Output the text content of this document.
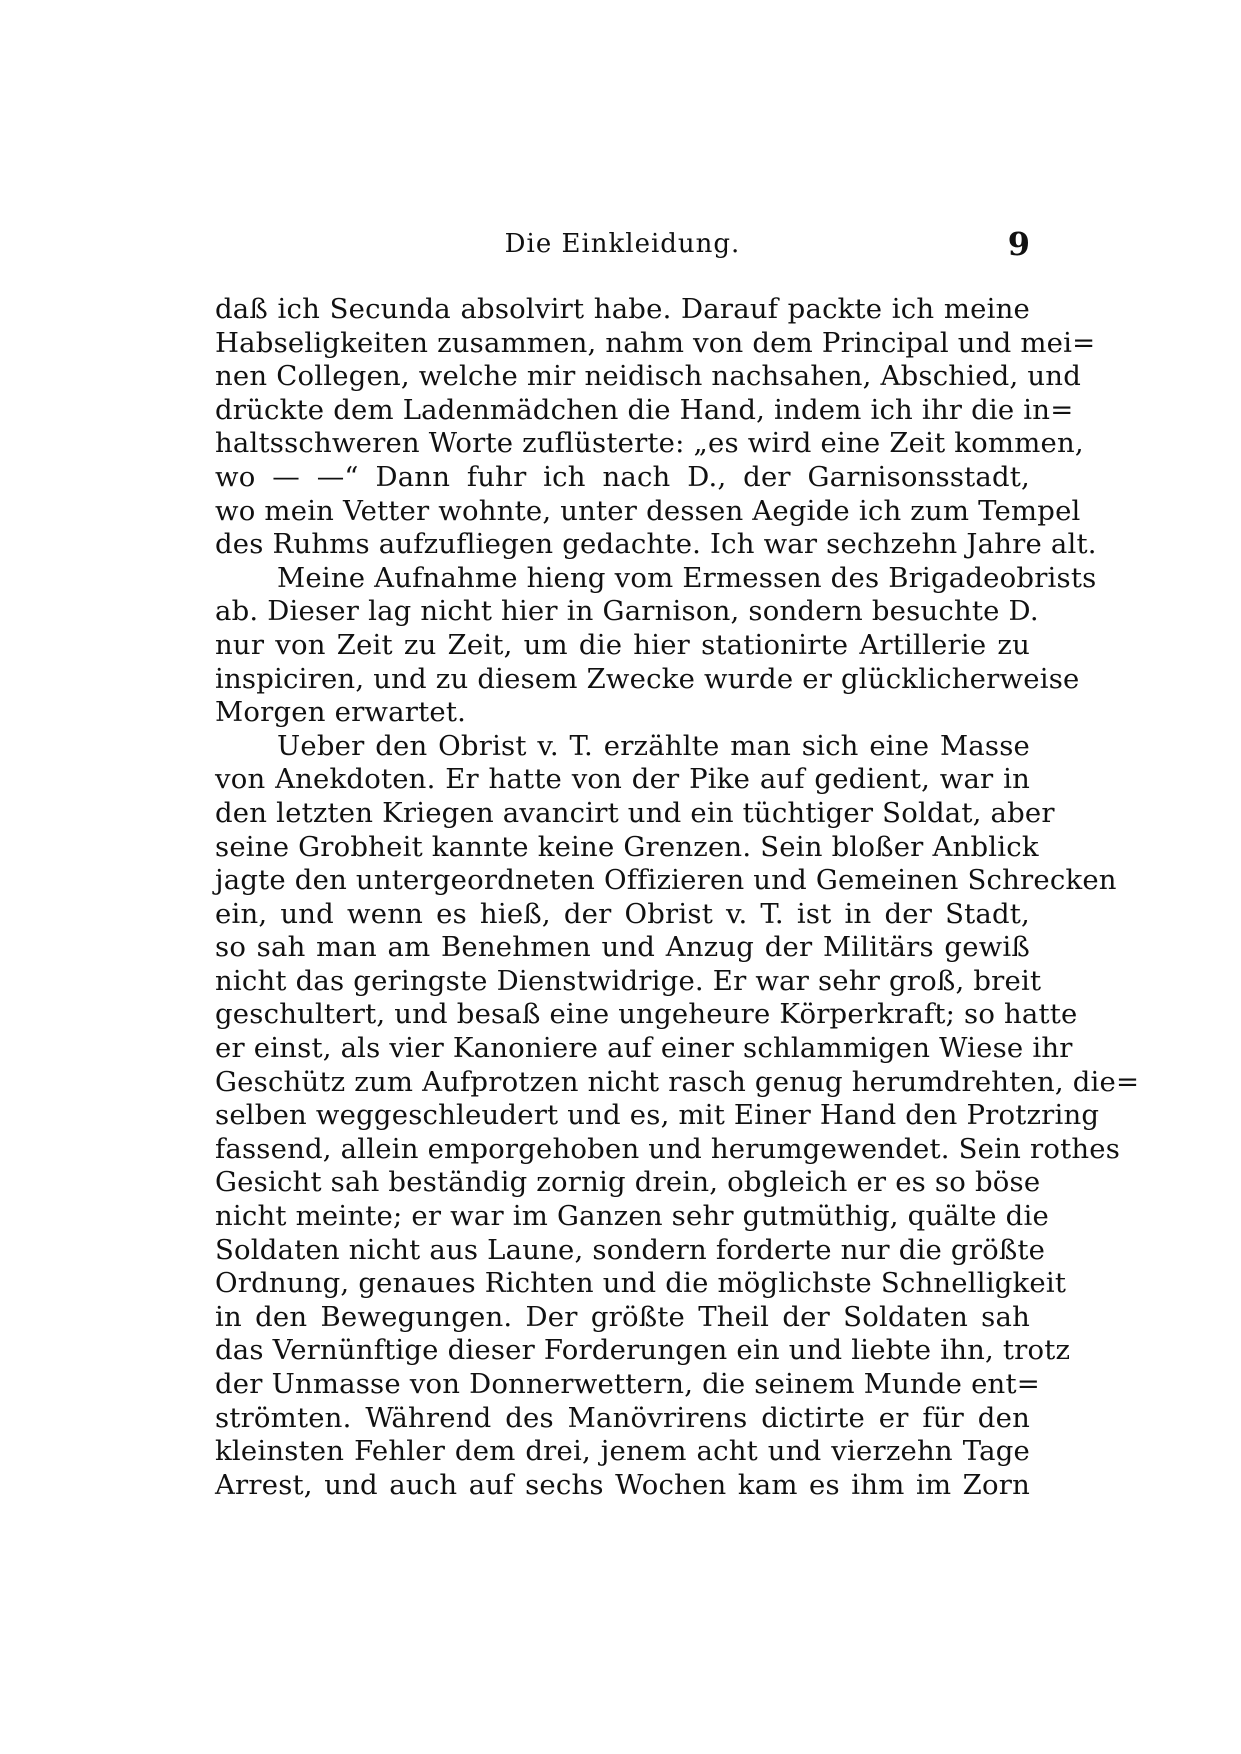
Die Einkleidung.	9
daß ich Secunda absolvirt habe. Darauf packte ich meine
Habseligkeiten zusammen, nahm von dem Principal und mei=
nen Collegen, welche mir neidisch nachsahen, Abschied, und
drückte dem Ladenmädchen die Hand, indem ich ihr die in=
haltsschweren Worte zuflüsterte: „es wird eine Zeit kommen,
wo — —“ Dann fuhr ich nach D., der Garnisonsstadt,
wo mein Vetter wohnte, unter dessen Aegide ich zum Tempel
des Ruhms aufzufliegen gedachte. Ich war sechzehn Jahre alt.
Meine Aufnahme hieng vom Ermessen des Brigadeobrists
ab. Dieser lag nicht hier in Garnison, sondern besuchte D.
nur von Zeit zu Zeit, um die hier stationirte Artillerie zu
inspiciren, und zu diesem Zwecke wurde er glücklicherweise
Morgen erwartet.
Ueber den Obrist v. T. erzählte man sich eine Masse
von Anekdoten. Er hatte von der Pike auf gedient, war in
den letzten Kriegen avancirt und ein tüchtiger Soldat, aber
seine Grobheit kannte keine Grenzen. Sein bloßer Anblick
jagte den untergeordneten Offizieren und Gemeinen Schrecken
ein, und wenn es hieß, der Obrist v. T. ist in der Stadt,
so sah man am Benehmen und Anzug der Militärs gewiß
nicht das geringste Dienstwidrige. Er war sehr groß, breit
geschultert, und besaß eine ungeheure Körperkraft; so hatte
er einst, als vier Kanoniere auf einer schlammigen Wiese ihr
Geschütz zum Aufprotzen nicht rasch genug herumdrehten, die=
selben weggeschleudert und es, mit Einer Hand den Protzring
fassend, allein emporgehoben und herumgewendet. Sein rothes
Gesicht sah beständig zornig drein, obgleich er es so böse
nicht meinte; er war im Ganzen sehr gutmüthig, quälte die
Soldaten nicht aus Laune, sondern forderte nur die größte
Ordnung, genaues Richten und die möglichste Schnelligkeit
in den Bewegungen. Der größte Theil der Soldaten sah
das Vernünftige dieser Forderungen ein und liebte ihn, trotz
der Unmasse von Donnerwettern, die seinem Munde ent=
strömten. Während des Manövrirens dictirte er für den
kleinsten Fehler dem drei, jenem acht und vierzehn Tage
Arrest, und auch auf sechs Wochen kam es ihm im Zorn
